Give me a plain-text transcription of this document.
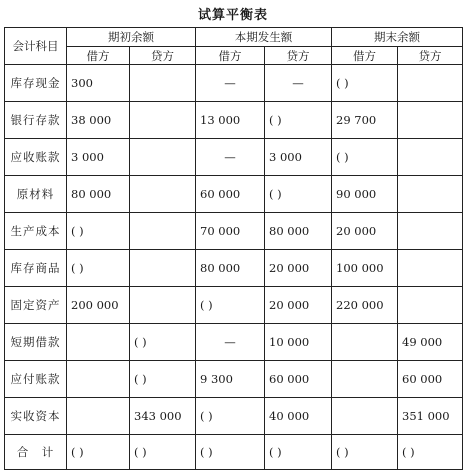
试算平衡表
会计科目	期初余额		本期发生额		期末余额	
	借方	贷方	借方	贷方	借方	贷方
库存现金	300		—	—	( )	
银行存款	38 000		13 000	( )	29 700	
应收账款	3 000		—	3 000	( )	
原材料	80 000		60 000	( )	90 000	
生产成本	( )		70 000	80 000	20 000	
库存商品	( )		80 000	20 000	100 000	
固定资产	200 000		( )	20 000	220 000	
短期借款		( )	—	10 000		49 000
应付账款		( )	9 300	60 000		60 000
实收资本		343 000	( )	40 000		351 000
合　计	( )	( )	( )	( )	( )	( )
